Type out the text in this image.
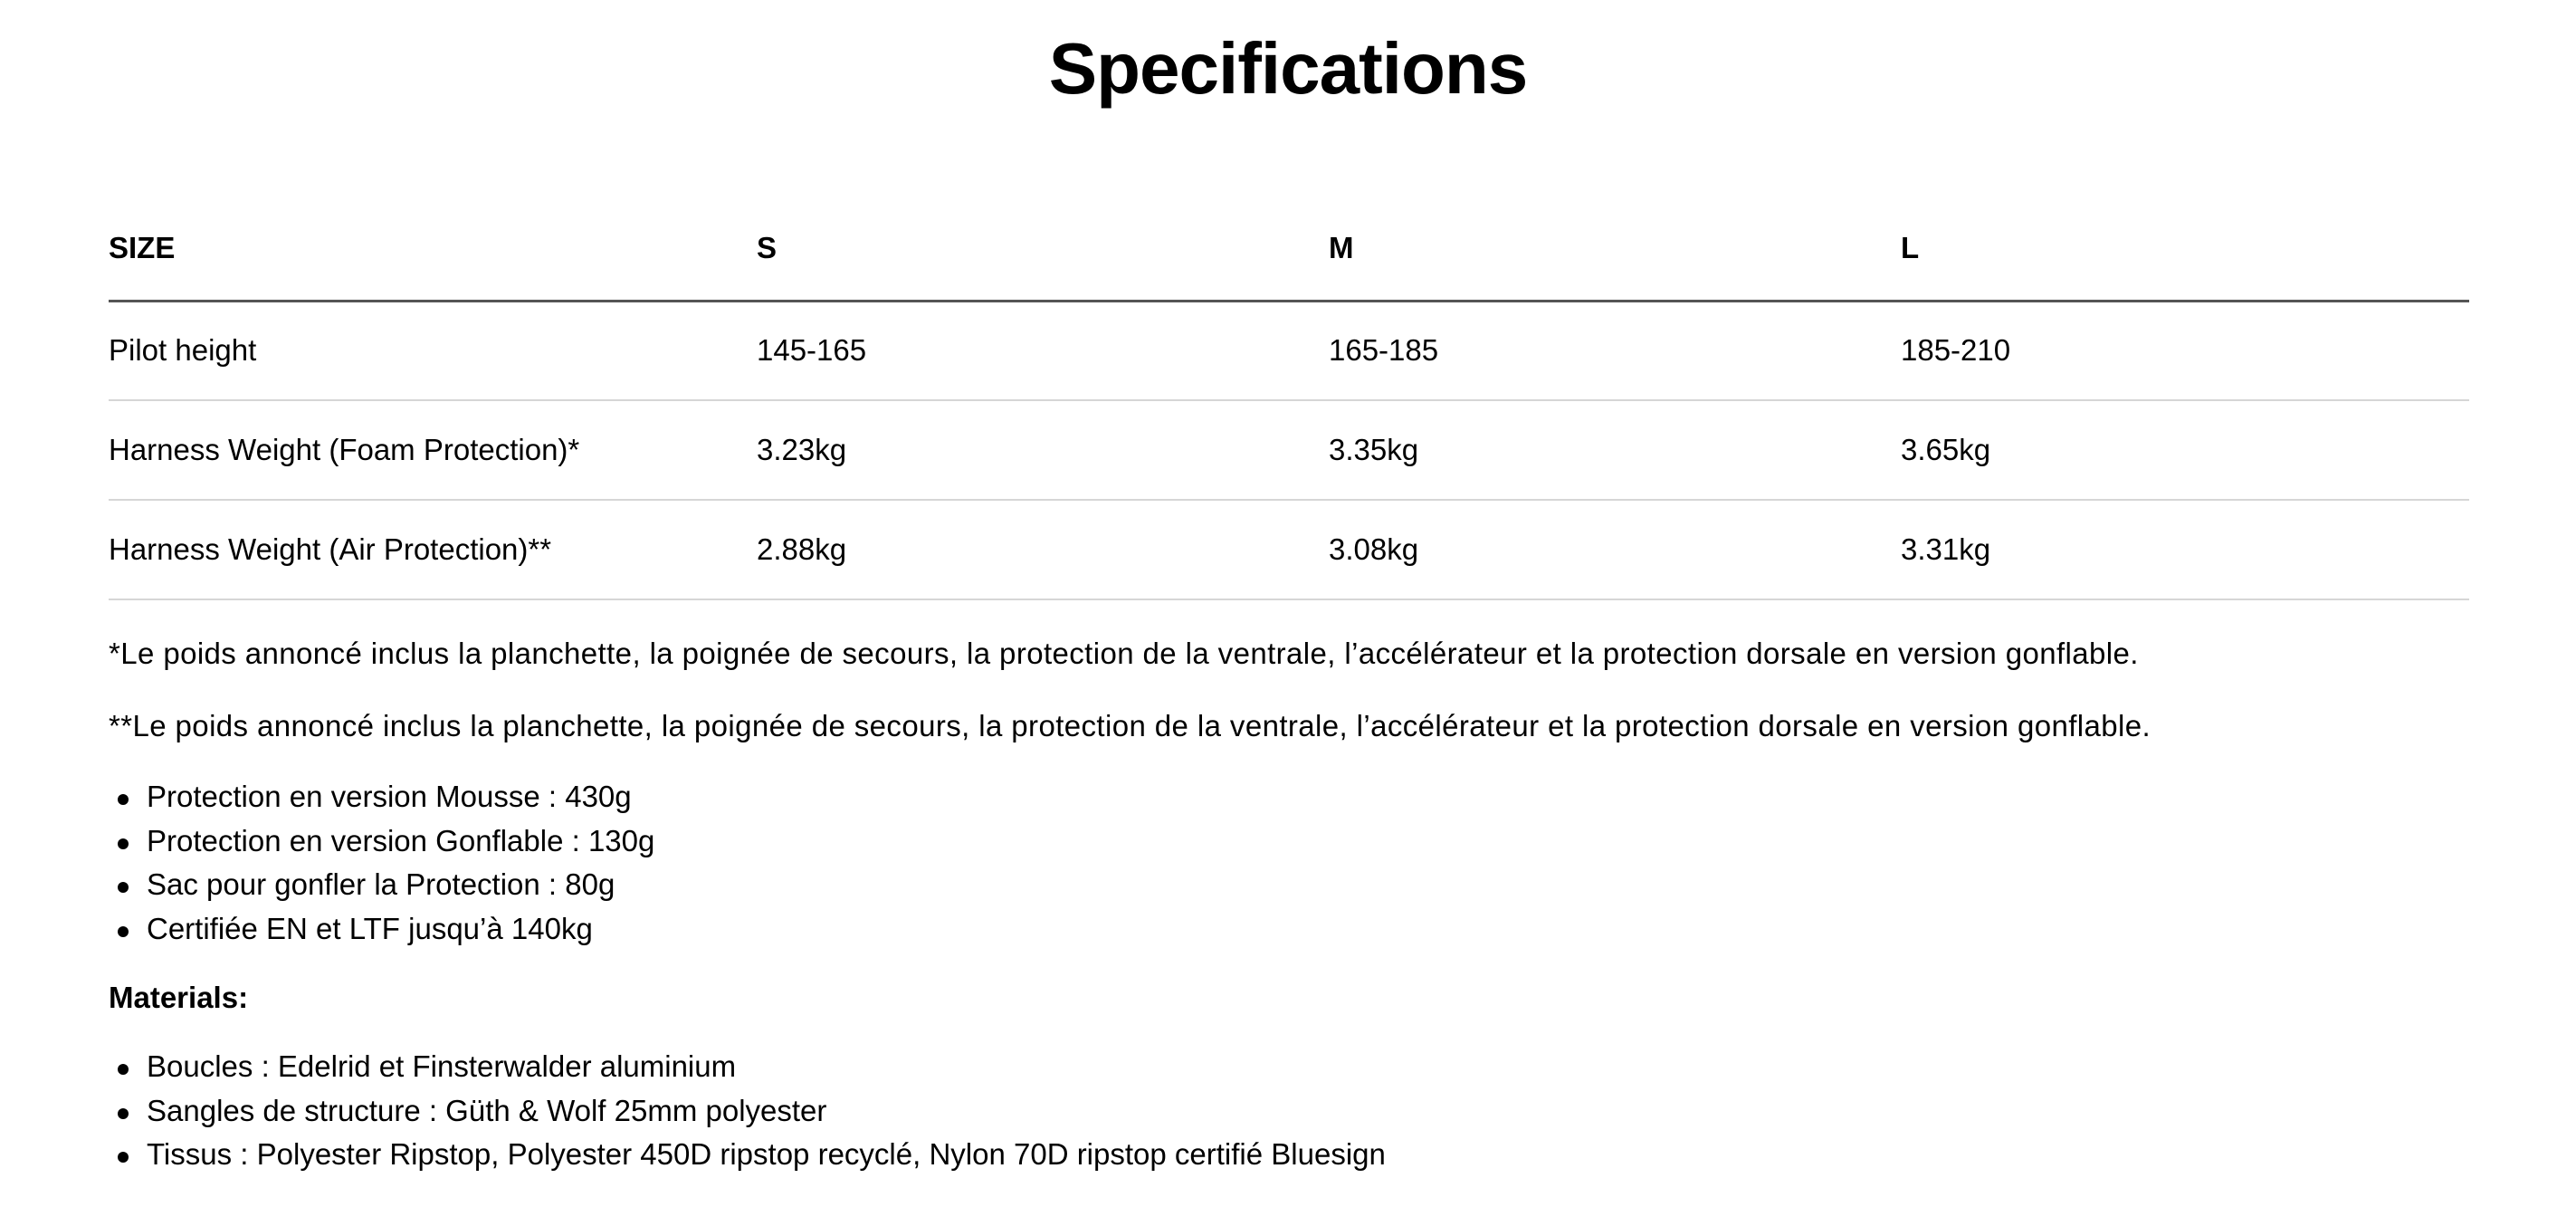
Specifications
SIZE	S	M	L
Pilot height	145-165	165-185	185-210
Harness Weight (Foam Protection)*	3.23kg	3.35kg	3.65kg
Harness Weight (Air Protection)**	2.88kg	3.08kg	3.31kg

*Le poids annoncé inclus la planchette, la poignée de secours, la protection de la ventrale, l’accélérateur et la protection dorsale en version gonflable.

**Le poids annoncé inclus la planchette, la poignée de secours, la protection de la ventrale, l’accélérateur et la protection dorsale en version gonflable.

Protection en version Mousse : 430g
Protection en version Gonflable : 130g
Sac pour gonfler la Protection : 80g
Certifiée EN et LTF jusqu’à 140kg

Materials:

Boucles : Edelrid et Finsterwalder aluminium
Sangles de structure : Güth & Wolf 25mm polyester
Tissus : Polyester Ripstop, Polyester 450D ripstop recyclé, Nylon 70D ripstop certifié Bluesign
